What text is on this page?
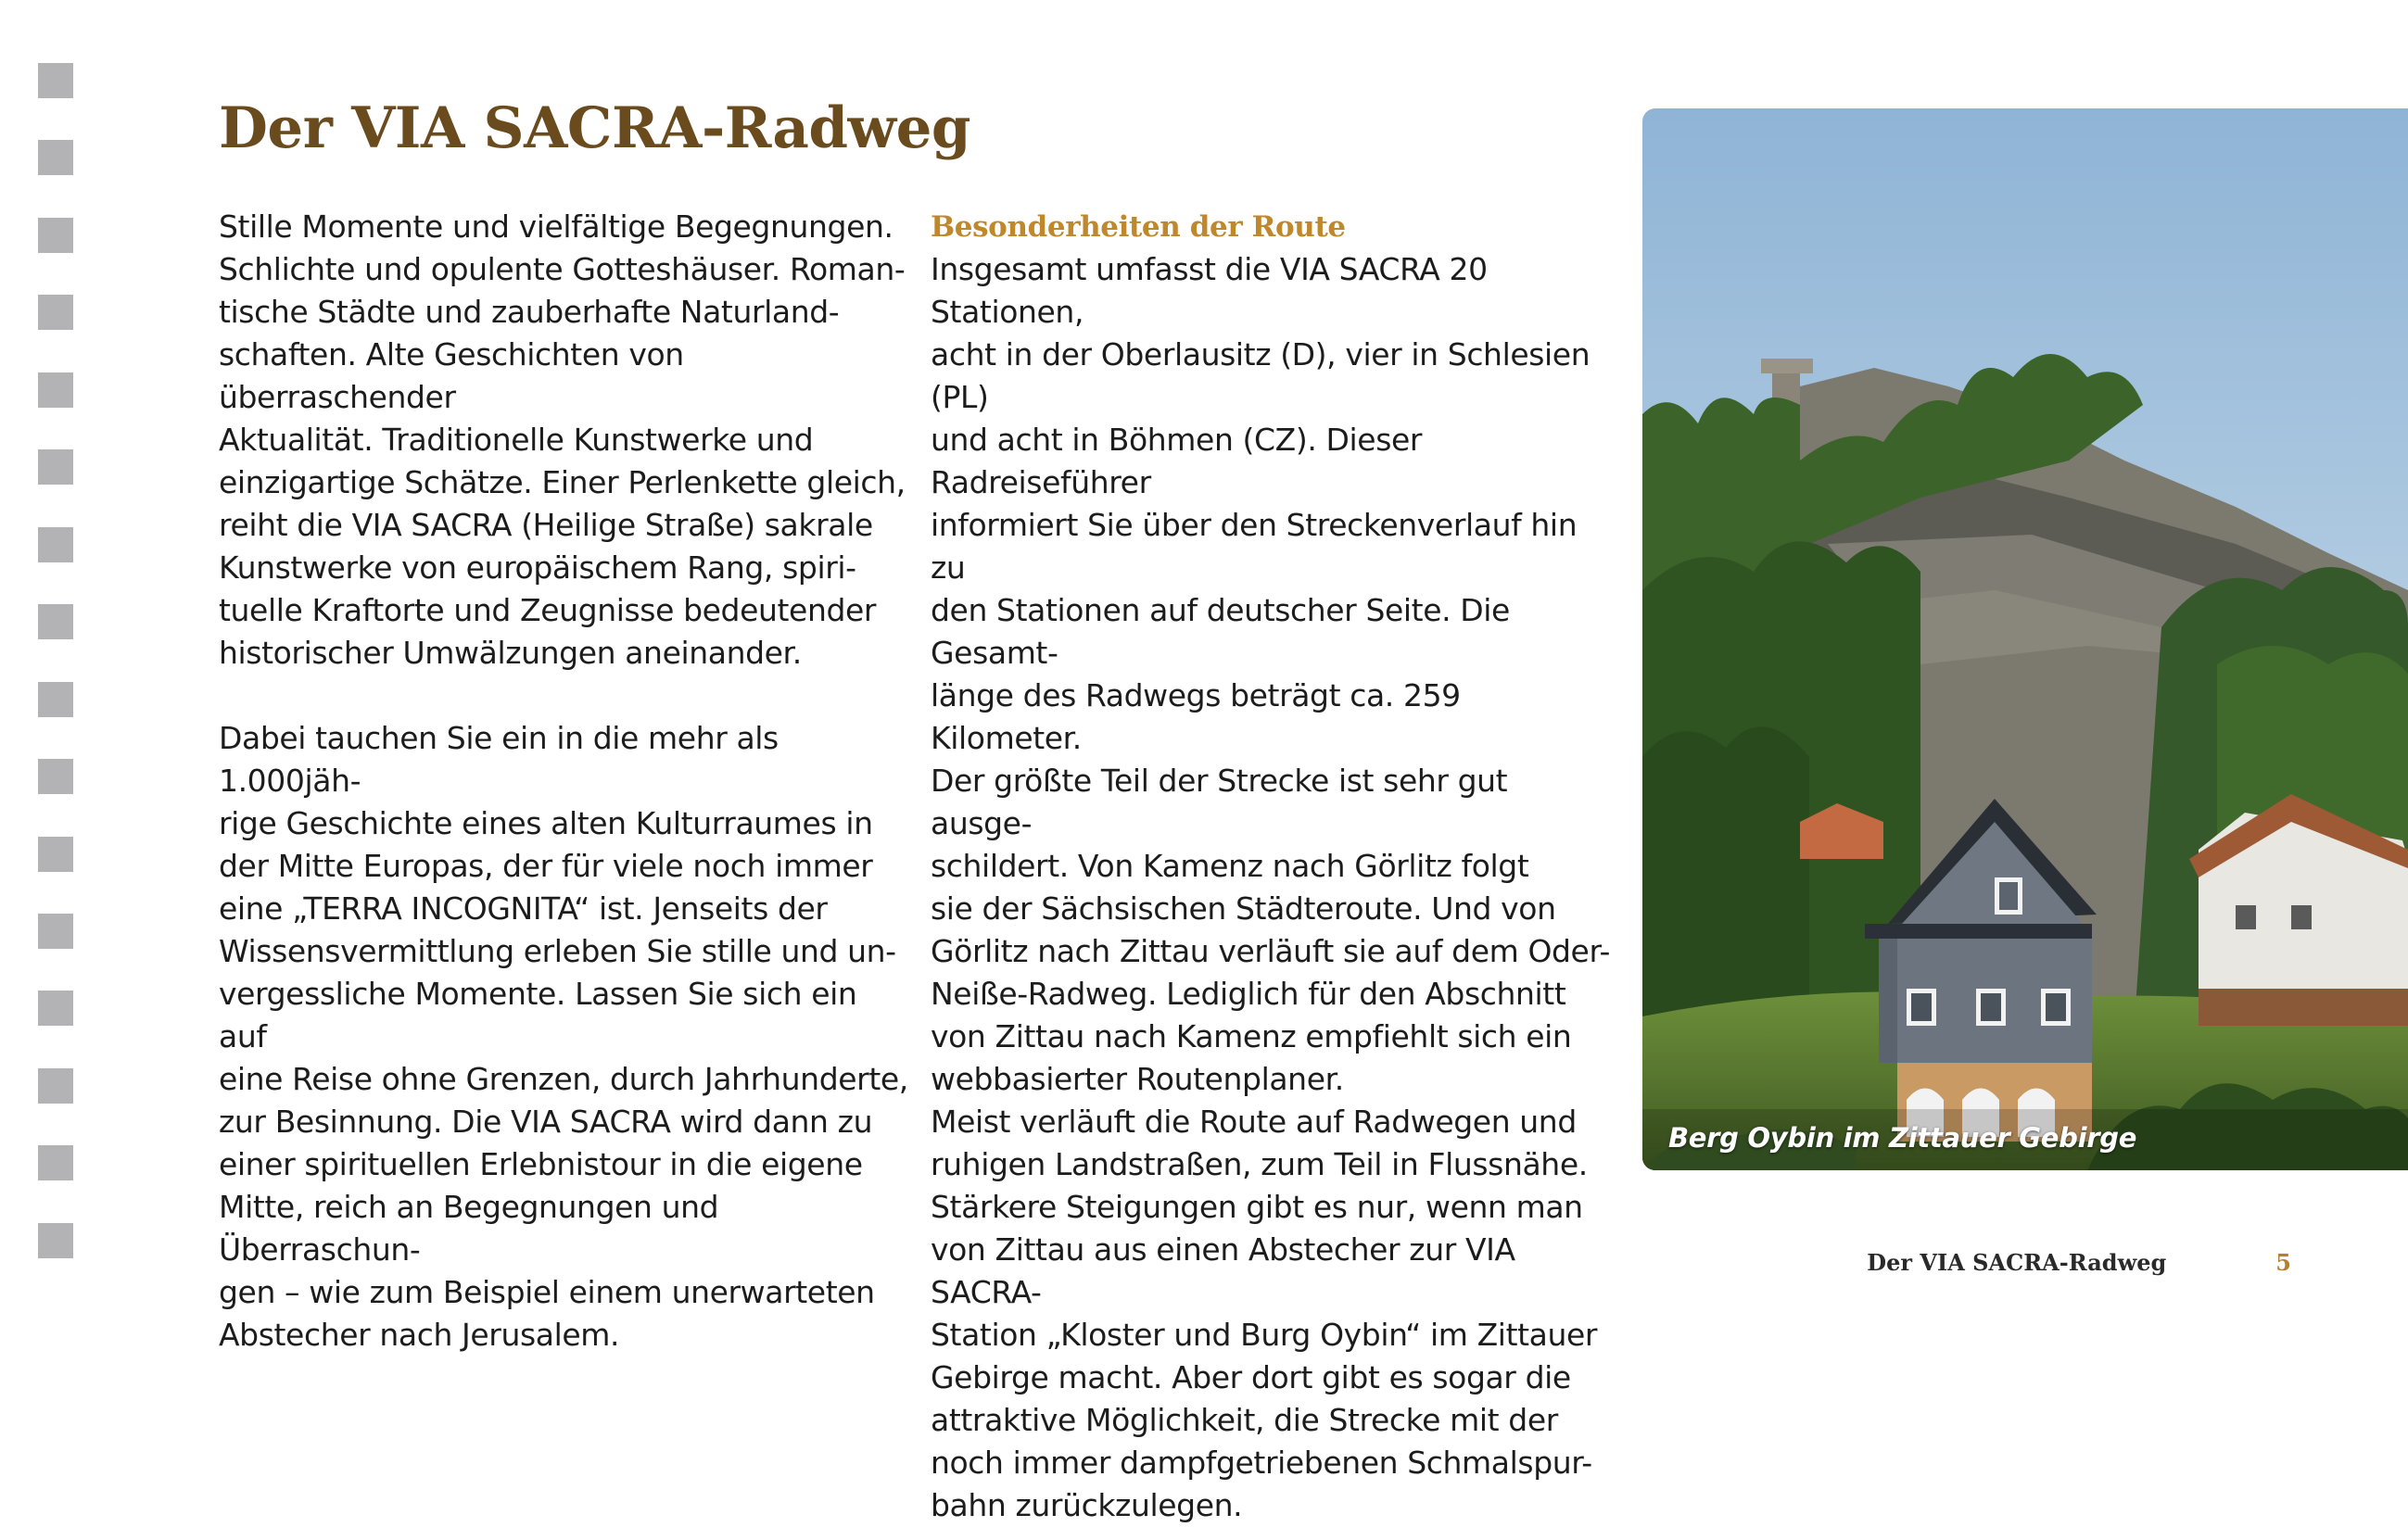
Der VIA SACRA-Radweg

Stille Momente und vielfältige Begegnungen.
Schlichte und opulente Gotteshäuser. Roman-
tische Städte und zauberhafte Naturland-
schaften. Alte Geschichten von überraschender
Aktualität. Traditionelle Kunstwerke und
einzigartige Schätze. Einer Perlenkette gleich,
reiht die VIA SACRA (Heilige Straße) sakrale
Kunstwerke von europäischem Rang, spiri-
tuelle Kraftorte und Zeugnisse bedeutender
historischer Umwälzungen aneinander.

Dabei tauchen Sie ein in die mehr als 1.000jäh-
rige Geschichte eines alten Kulturraumes in
der Mitte Europas, der für viele noch immer
eine „TERRA INCOGNITA“ ist. Jenseits der
Wissensvermittlung erleben Sie stille und un-
vergessliche Momente. Lassen Sie sich ein auf
eine Reise ohne Grenzen, durch Jahrhunderte,
zur Besinnung. Die VIA SACRA wird dann zu
einer spirituellen Erlebnistour in die eigene
Mitte, reich an Begegnungen und Überraschun-
gen – wie zum Beispiel einem unerwarteten
Abstecher nach Jerusalem.

Besonderheiten der Route

Insgesamt umfasst die VIA SACRA 20 Stationen,
acht in der Oberlausitz (D), vier in Schlesien (PL)
und acht in Böhmen (CZ). Dieser Radreiseführer
informiert Sie über den Streckenverlauf hin zu
den Stationen auf deutscher Seite. Die Gesamt-
länge des Radwegs beträgt ca. 259 Kilometer.
Der größte Teil der Strecke ist sehr gut ausge-
schildert. Von Kamenz nach Görlitz folgt
sie der Sächsischen Städteroute. Und von
Görlitz nach Zittau verläuft sie auf dem Oder-
Neiße-Radweg. Lediglich für den Abschnitt
von Zittau nach Kamenz empfiehlt sich ein
webbasierter Routenplaner.

Meist verläuft die Route auf Radwegen und
ruhigen Landstraßen, zum Teil in Flussnähe.
Stärkere Steigungen gibt es nur, wenn man
von Zittau aus einen Abstecher zur VIA SACRA-
Station „Kloster und Burg Oybin“ im Zittauer
Gebirge macht. Aber dort gibt es sogar die
attraktive Möglichkeit, die Strecke mit der
noch immer dampfgetriebenen Schmalspur-
bahn zurückzulegen.

Berg Oybin im Zittauer Gebirge
Der VIA SACRA-Radweg	5
